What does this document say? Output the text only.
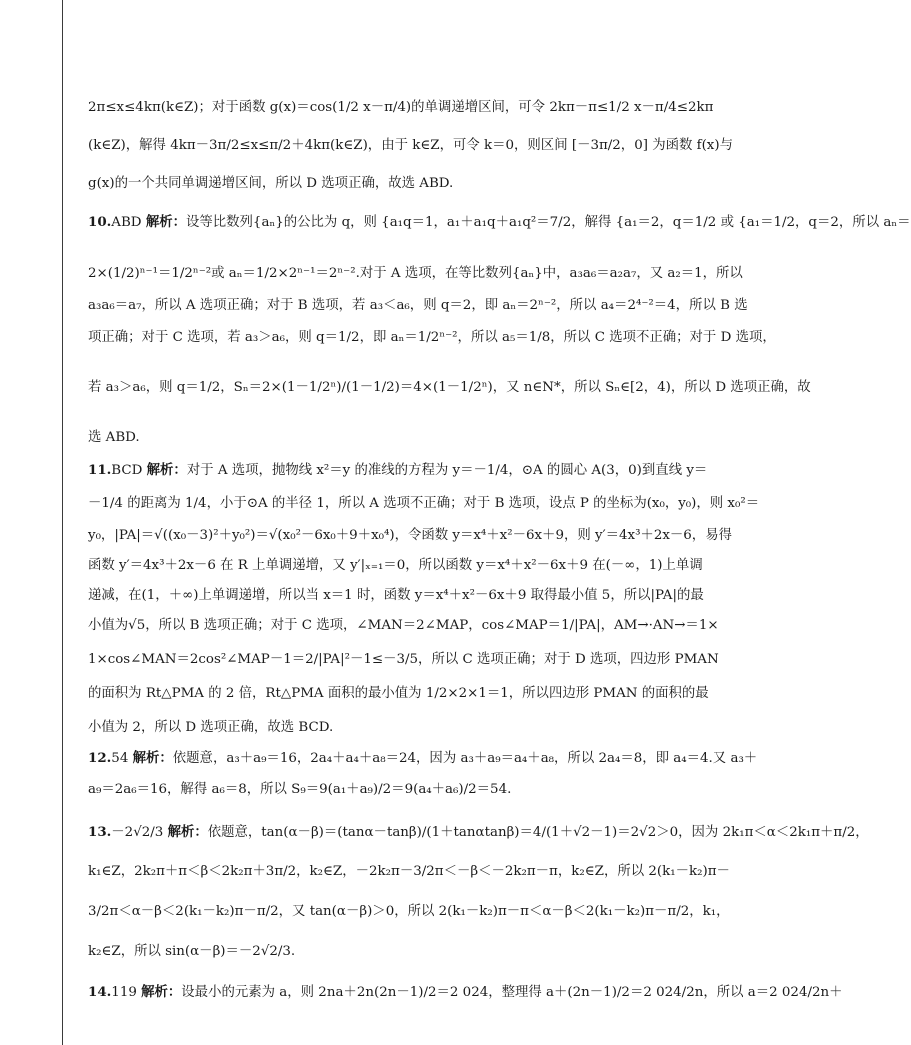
2π≤x≤4kπ(k∈Z)；对于函数 g(x)＝cos(1/2 x－π/4)的单调递增区间，可令 2kπ－π≤1/2 x－π/4≤2kπ
(k∈Z)，解得 4kπ－3π/2≤x≤π/2＋4kπ(k∈Z)，由于 k∈Z，可令 k＝0，则区间 [－3π/2，0] 为函数 f(x)与
g(x)的一个共同单调递增区间，所以 D 选项正确，故选 ABD.
10.ABD 解析：设等比数列{aₙ}的公比为 q，则 {a₁q＝1，a₁＋a₁q＋a₁q²＝7/2，解得 {a₁＝2，q＝1/2 或 {a₁＝1/2，q＝2，所以 aₙ＝
2×(1/2)ⁿ⁻¹＝1/2ⁿ⁻²或 aₙ＝1/2×2ⁿ⁻¹＝2ⁿ⁻².对于 A 选项，在等比数列{aₙ}中，a₃a₆＝a₂a₇，又 a₂＝1，所以
a₃a₆＝a₇，所以 A 选项正确；对于 B 选项，若 a₃＜a₆，则 q＝2，即 aₙ＝2ⁿ⁻²，所以 a₄＝2⁴⁻²＝4，所以 B 选
项正确；对于 C 选项，若 a₃＞a₆，则 q＝1/2，即 aₙ＝1/2ⁿ⁻²，所以 a₅＝1/8，所以 C 选项不正确；对于 D 选项，
若 a₃＞a₆，则 q＝1/2，Sₙ＝2×(1－1/2ⁿ)/(1－1/2)＝4×(1－1/2ⁿ)，又 n∈N*，所以 Sₙ∈[2，4)，所以 D 选项正确，故
选 ABD.
11.BCD 解析：对于 A 选项，抛物线 x²＝y 的准线的方程为 y＝－1/4，⊙A 的圆心 A(3，0)到直线 y＝
－1/4 的距离为 1/4，小于⊙A 的半径 1，所以 A 选项不正确；对于 B 选项，设点 P 的坐标为(x₀，y₀)，则 x₀²＝
y₀，|PA|＝√((x₀－3)²＋y₀²)＝√(x₀²－6x₀＋9＋x₀⁴)，令函数 y＝x⁴＋x²－6x＋9，则 y′＝4x³＋2x－6，易得
函数 y′＝4x³＋2x－6 在 R 上单调递增，又 y′|ₓ₌₁＝0，所以函数 y＝x⁴＋x²－6x＋9 在(－∞，1)上单调
递减，在(1，＋∞)上单调递增，所以当 x＝1 时，函数 y＝x⁴＋x²－6x＋9 取得最小值 5，所以|PA|的最
小值为√5，所以 B 选项正确；对于 C 选项，∠MAN＝2∠MAP，cos∠MAP＝1/|PA|，AM→·AN→＝1×
1×cos∠MAN＝2cos²∠MAP－1＝2/|PA|²－1≤－3/5，所以 C 选项正确；对于 D 选项，四边形 PMAN
的面积为 Rt△PMA 的 2 倍，Rt△PMA 面积的最小值为 1/2×2×1＝1，所以四边形 PMAN 的面积的最
小值为 2，所以 D 选项正确，故选 BCD.
12.54 解析：依题意，a₃＋a₉＝16，2a₄＋a₄＋a₈＝24，因为 a₃＋a₉＝a₄＋a₈，所以 2a₄＝8，即 a₄＝4.又 a₃＋
a₉＝2a₆＝16，解得 a₆＝8，所以 S₉＝9(a₁＋a₉)/2＝9(a₄＋a₆)/2＝54.
13.－2√2/3 解析：依题意，tan(α－β)＝(tanα－tanβ)/(1＋tanαtanβ)＝4/(1＋√2－1)＝2√2＞0，因为 2k₁π＜α＜2k₁π＋π/2，
k₁∈Z，2k₂π＋π＜β＜2k₂π＋3π/2，k₂∈Z，－2k₂π－3/2π＜－β＜－2k₂π－π，k₂∈Z，所以 2(k₁－k₂)π－
3/2π＜α－β＜2(k₁－k₂)π－π/2，又 tan(α－β)＞0，所以 2(k₁－k₂)π－π＜α－β＜2(k₁－k₂)π－π/2，k₁，
k₂∈Z，所以 sin(α－β)＝－2√2/3.
14.119 解析：设最小的元素为 a，则 2na＋2n(2n－1)/2＝2 024，整理得 a＋(2n－1)/2＝2 024/2n，所以 a＝2 024/2n＋
